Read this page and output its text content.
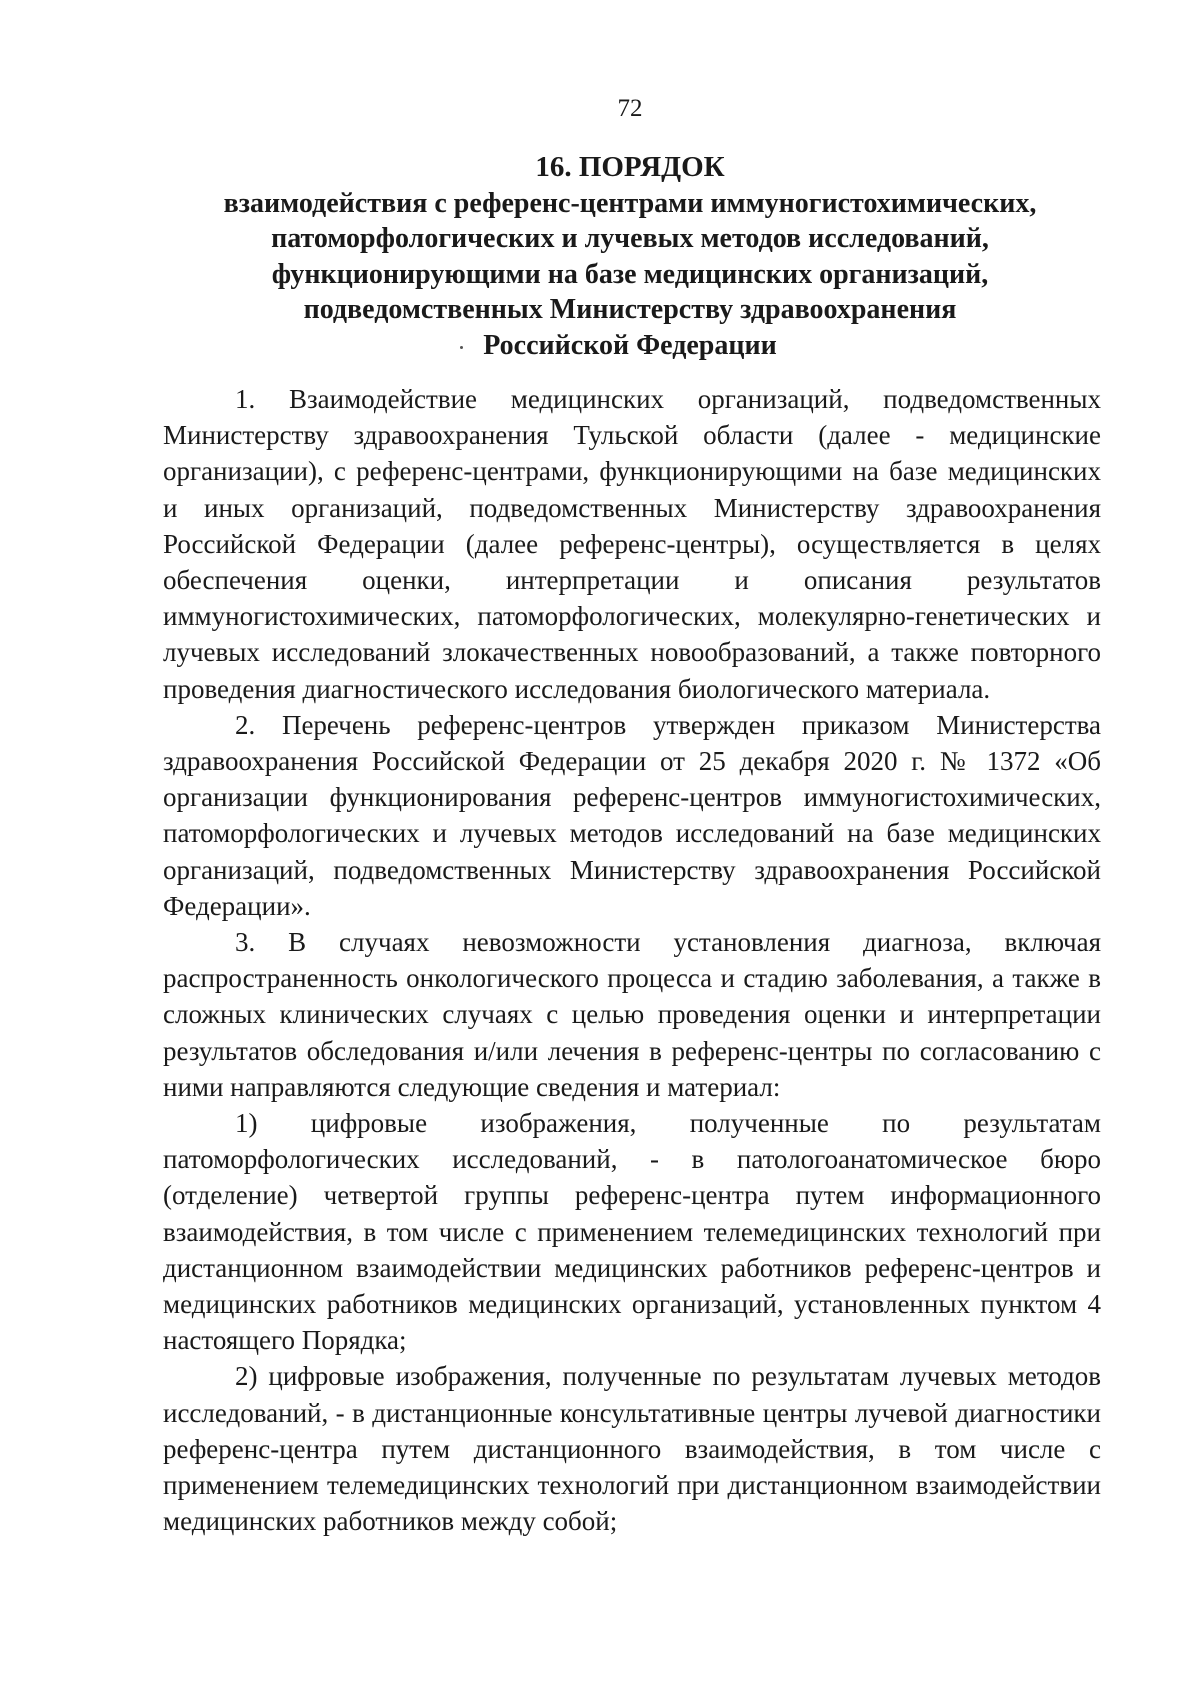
72
16. ПОРЯДОК
взаимодействия с референс-центрами иммуногистохимических,
патоморфологических и лучевых методов исследований,
функционирующими на базе медицинских организаций,
подведомственных Министерству здравоохранения
Российской Федерации

1. Взаимодействие медицинских организаций, подведомственных Министерству здравоохранения Тульской области (далее - медицинские организации), с референс-центрами, функционирующими на базе медицинских и иных организаций, подведомственных Министерству здравоохранения Российской Федерации (далее референс-центры), осуществляется в целях обеспечения оценки, интерпретации и описания результатов иммуногистохимических, патоморфологических, молекулярно-генетических и лучевых исследований злокачественных новообразований, а также повторного проведения диагностического исследования биологического материала.

2. Перечень референс-центров утвержден приказом Министерства здравоохранения Российской Федерации от 25 декабря 2020 г. № 1372 «Об организации функционирования референс-центров иммуногистохимических, патоморфологических и лучевых методов исследований на базе медицинских организаций, подведомственных Министерству здравоохранения Российской Федерации».

3. В случаях невозможности установления диагноза, включая распространенность онкологического процесса и стадию заболевания, а также в сложных клинических случаях с целью проведения оценки и интерпретации результатов обследования и/или лечения в референс-центры по согласованию с ними направляются следующие сведения и материал:

1) цифровые изображения, полученные по результатам патоморфологических исследований, - в патологоанатомическое бюро (отделение) четвертой группы референс-центра путем информационного взаимодействия, в том числе с применением телемедицинских технологий при дистанционном взаимодействии медицинских работников референс-центров и медицинских работников медицинских организаций, установленных пунктом 4 настоящего Порядка;

2) цифровые изображения, полученные по результатам лучевых методов исследований, - в дистанционные консультативные центры лучевой диагностики референс-центра путем дистанционного взаимодействия, в том числе с применением телемедицинских технологий при дистанционном взаимодействии медицинских работников между собой;
